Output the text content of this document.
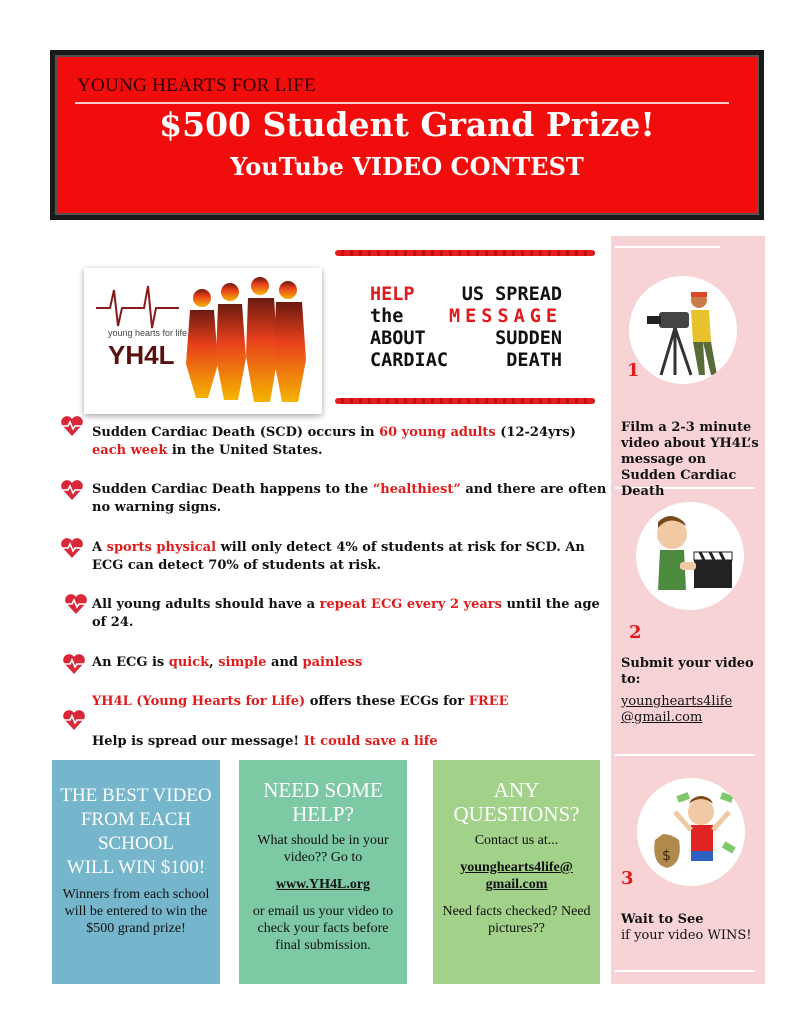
YOUNG HEARTS FOR LIFE
$500 Student Grand Prize!
YouTube VIDEO CONTEST
1
Film a 2-3 minute video about YH4L’s message on Sudden Cardiac Death
2
Submit your video to:
younghearts4life
@gmail.com
$
3
Wait to See
if your video WINS!
young hearts for life
YH4L
HELP	US SPREAD
the MESSAGE
ABOUT	SUDDEN
CARDIAC	DEATH
Sudden Cardiac Death (SCD) occurs in 60 young adults (12-24yrs) each week in the United States.
Sudden Cardiac Death happens to the “healthiest” and there are often no warning signs.
A sports physical will only detect 4% of students at risk for SCD. An ECG can detect 70% of students at risk.
All young adults should have a repeat ECG every 2 years until the age of 24.
An ECG is quick, simple and painless
YH4L (Young Hearts for Life) offers these ECGs for FREE
Help is spread our message! It could save a life
THE BEST VIDEO
FROM EACH
SCHOOL
WILL WIN $100!
Winners from each school will be entered to win the $500 grand prize!
NEED SOME
HELP?

What should be in your video?? Go to

www.YH4L.org

or email us your video to check your facts before final submission.

ANY
QUESTIONS?

Contact us at...

younghearts4life@ gmail.com

Need facts checked? Need pictures??
